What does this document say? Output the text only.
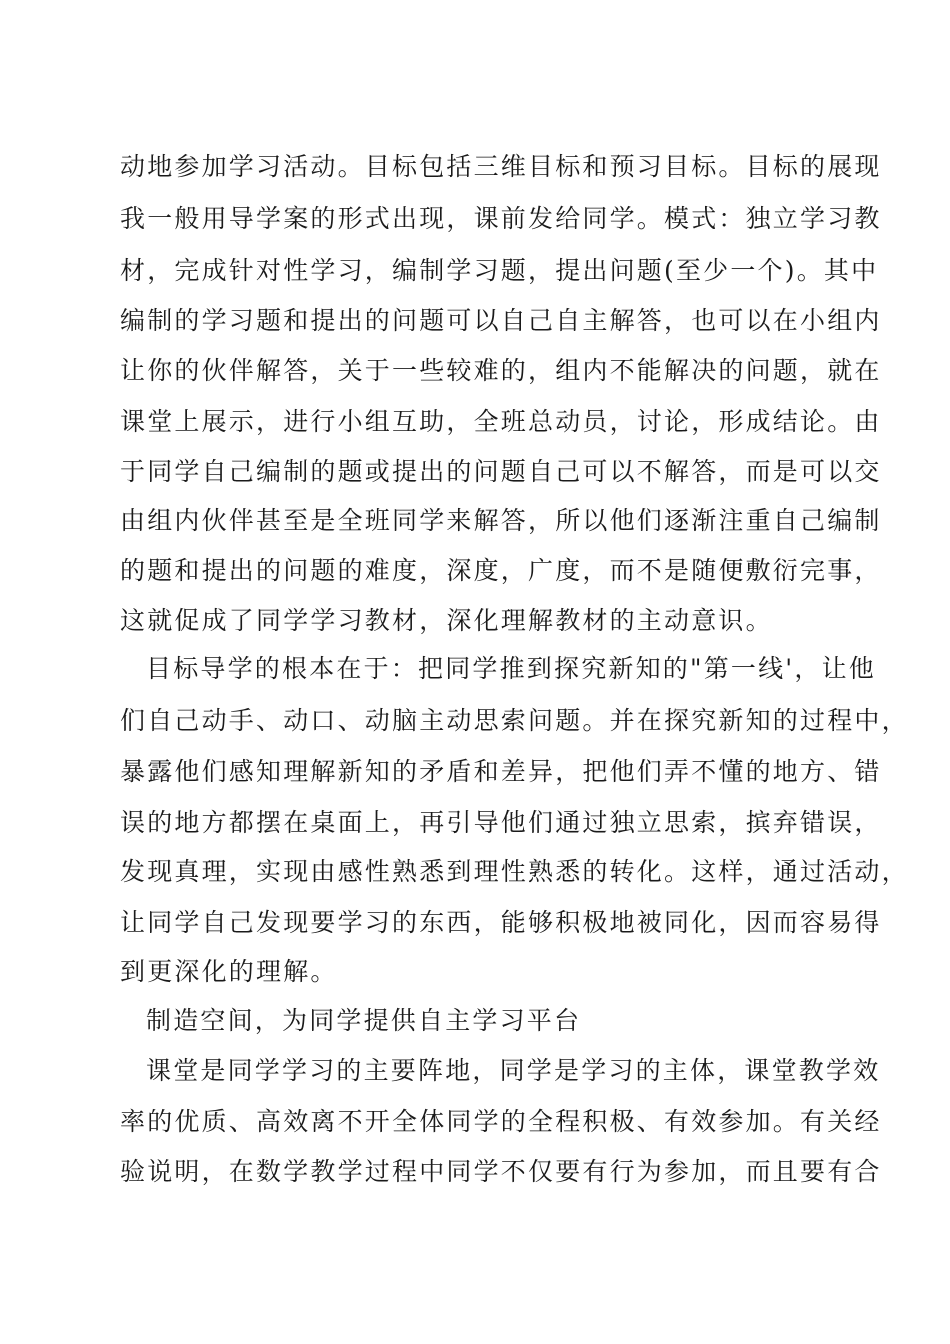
动地参加学习活动。目标包括三维目标和预习目标。目标的展现
我一般用导学案的形式出现，课前发给同学。模式：独立学习教
材，完成针对性学习，编制学习题，提出问题(至少一个)。其中
编制的学习题和提出的问题可以自己自主解答，也可以在小组内
让你的伙伴解答，关于一些较难的，组内不能解决的问题，就在
课堂上展示，进行小组互助，全班总动员，讨论，形成结论。由
于同学自己编制的题或提出的问题自己可以不解答，而是可以交
由组内伙伴甚至是全班同学来解答，所以他们逐渐注重自己编制
的题和提出的问题的难度，深度，广度，而不是随便敷衍完事，
这就促成了同学学习教材，深化理解教材的主动意识。
目标导学的根本在于：把同学推到探究新知的"第一线'，让他
们自己动手、动口、动脑主动思索问题。并在探究新知的过程中，
暴露他们感知理解新知的矛盾和差异，把他们弄不懂的地方、错
误的地方都摆在桌面上，再引导他们通过独立思索，摈弃错误，
发现真理，实现由感性熟悉到理性熟悉的转化。这样，通过活动，
让同学自己发现要学习的东西，能够积极地被同化，因而容易得
到更深化的理解。
制造空间，为同学提供自主学习平台
课堂是同学学习的主要阵地，同学是学习的主体，课堂教学效
率的优质、高效离不开全体同学的全程积极、有效参加。有关经
验说明，在数学教学过程中同学不仅要有行为参加，而且要有合
